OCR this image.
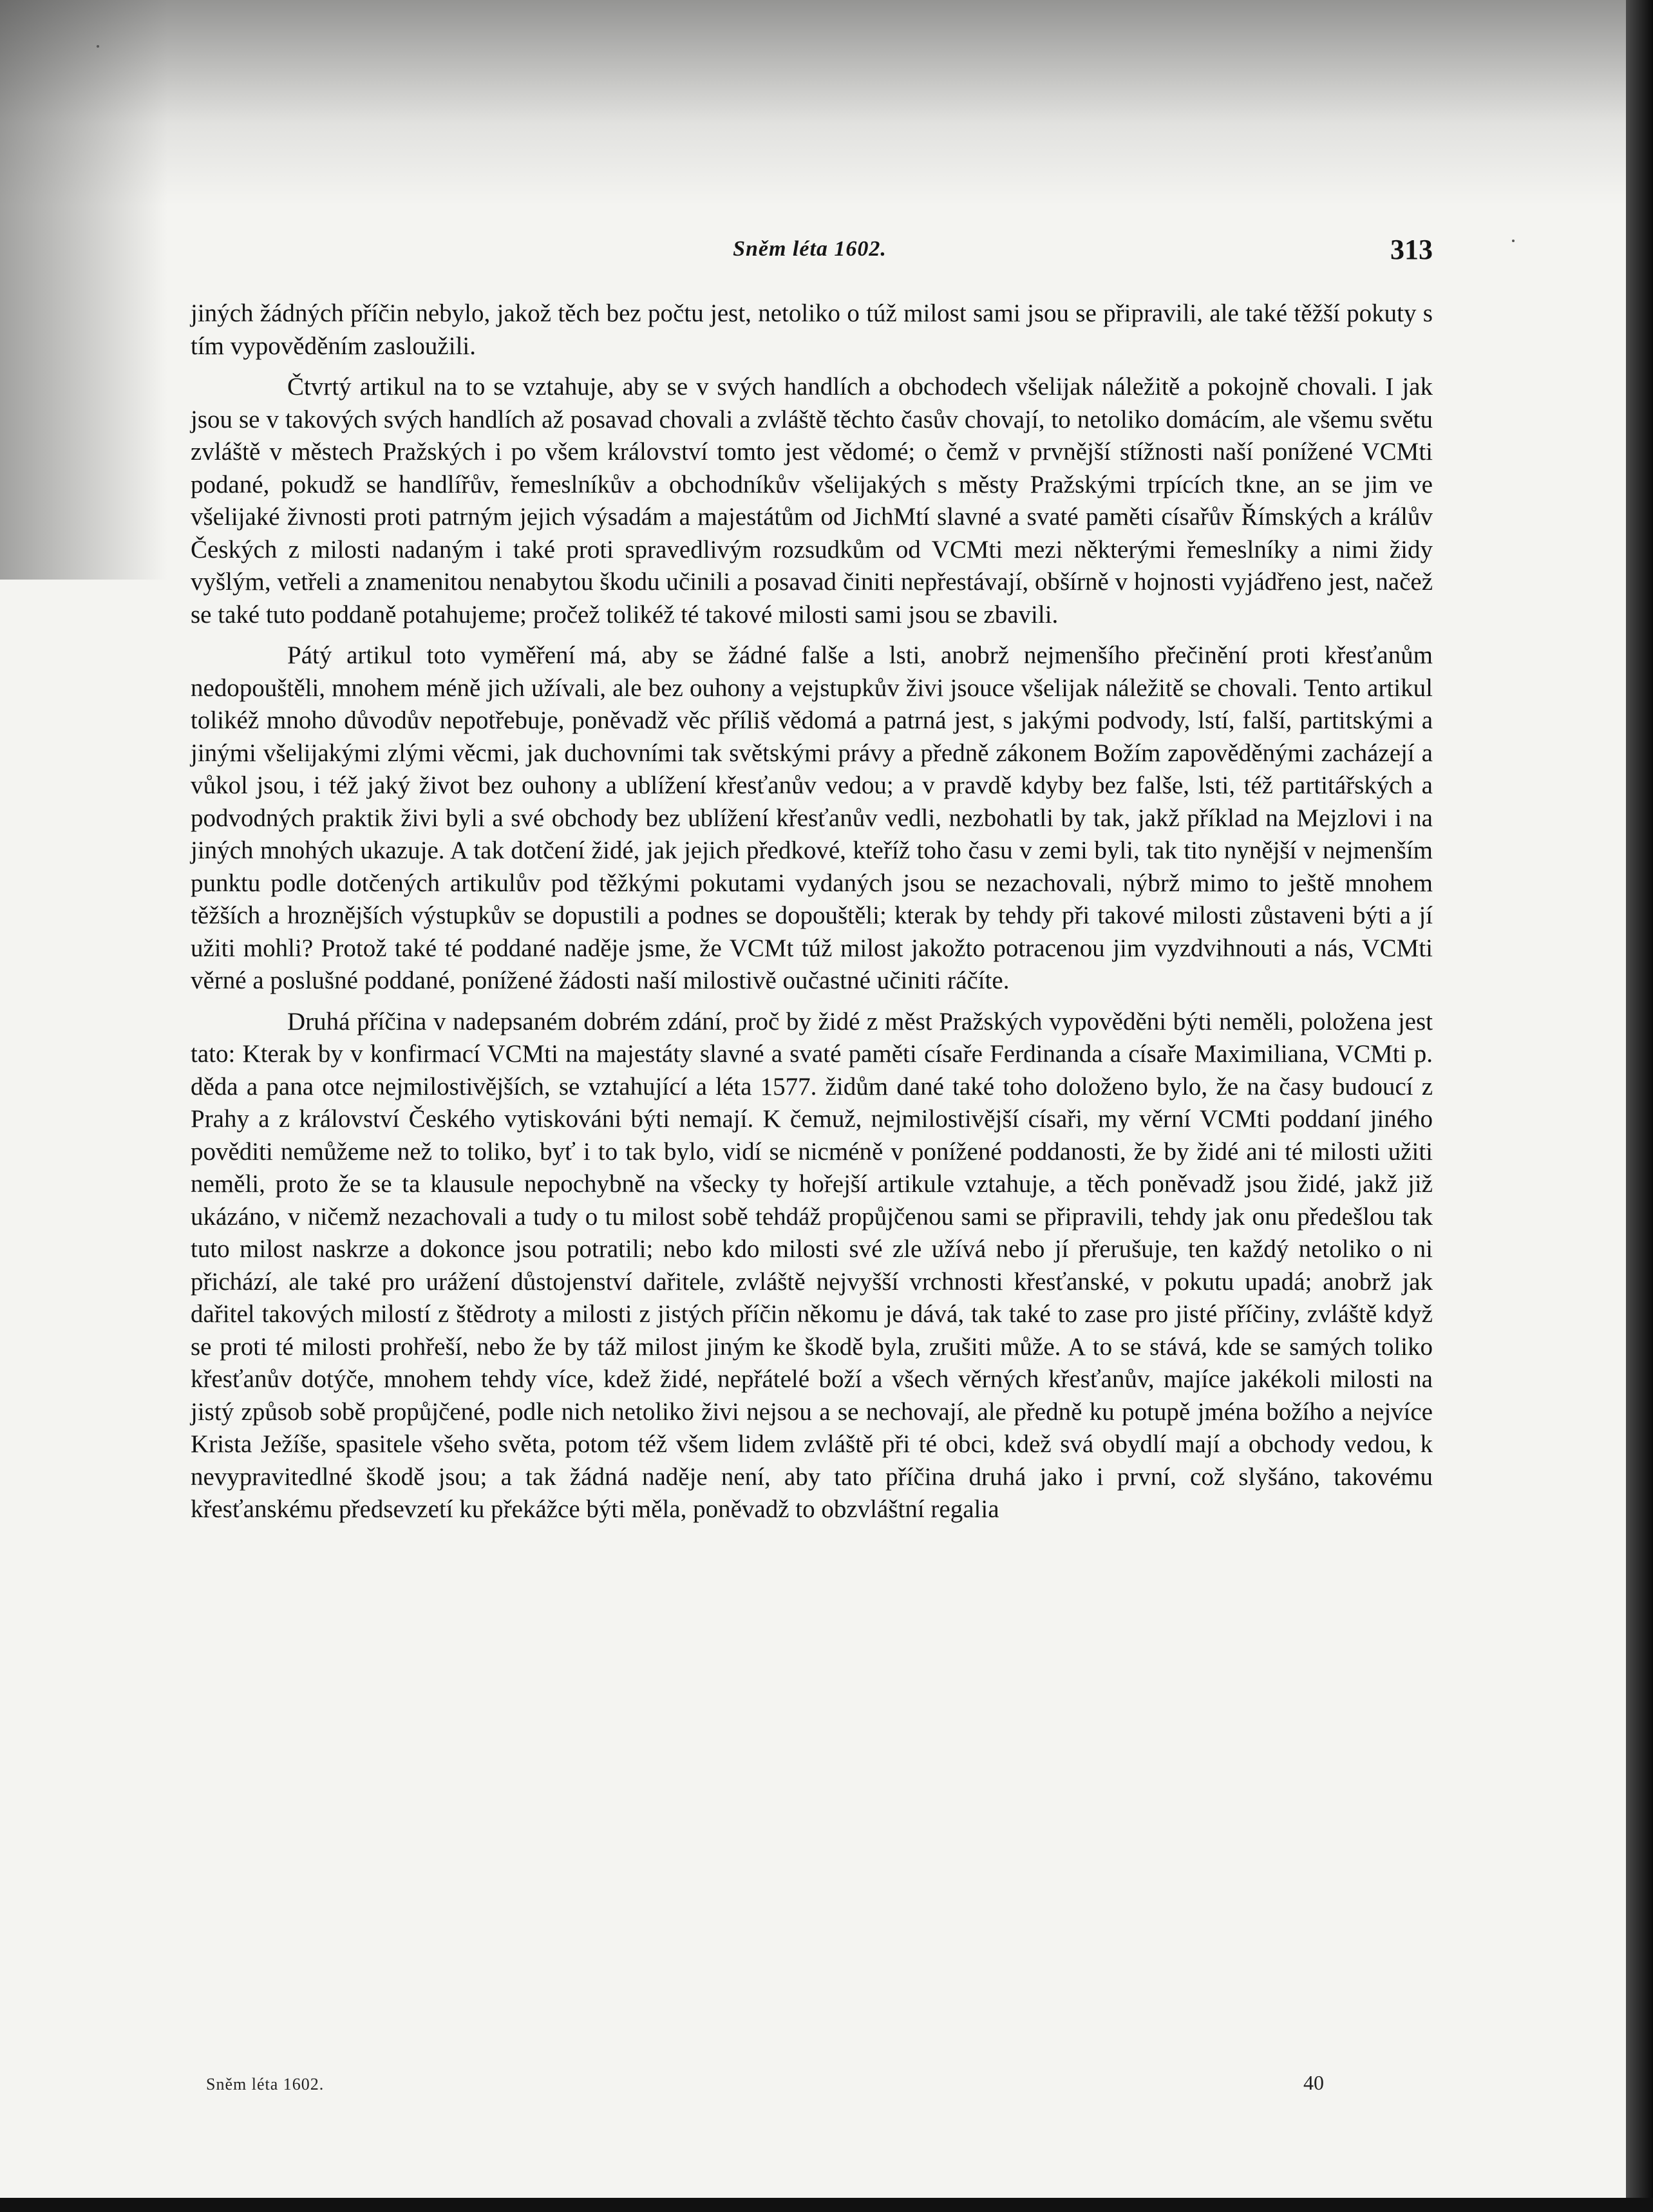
Sněm léta 1602.	313

jiných žádných příčin nebylo, jakož těch bez počtu jest, netoliko o túž milost sami jsou se připravili, ale také těžší pokuty s tím vypověděním zasloužili.

Čtvrtý artikul na to se vztahuje, aby se v svých handlích a obchodech všelijak náležitě a pokojně chovali. I jak jsou se v takových svých handlích až posavad chovali a zvláště těchto časův chovají, to netoliko domácím, ale všemu světu zvláště v městech Pražských i po všem království tomto jest vědomé; o čemž v prvnější stížnosti naší ponížené VCMti podané, pokudž se handlířův, řemeslníkův a obchodníkův všelijakých s městy Pražskými trpících tkne, an se jim ve všelijaké živnosti proti patrným jejich výsadám a majestátům od JichMtí slavné a svaté paměti císařův Římských a králův Českých z milosti nadaným i také proti spravedlivým rozsudkům od VCMti mezi některými řemeslníky a nimi židy vyšlým, vetřeli a znamenitou nenabytou škodu učinili a posavad činiti nepřestávají, obšírně v hojnosti vyjádřeno jest, načež se také tuto poddaně potahujeme; pročež tolikéž té takové milosti sami jsou se zbavili.

Pátý artikul toto vyměření má, aby se žádné falše a lsti, anobrž nejmenšího přečinění proti křesťanům nedopouštěli, mnohem méně jich užívali, ale bez ouhony a vejstupkův živi jsouce všelijak náležitě se chovali. Tento artikul tolikéž mnoho důvodův nepotřebuje, poněvadž věc příliš vědomá a patrná jest, s jakými podvody, lstí, falší, partitskými a jinými všelijakými zlými věcmi, jak duchovními tak světskými právy a předně zákonem Božím zapověděnými zacházejí a vůkol jsou, i též jaký život bez ouhony a ublížení křesťanův vedou; a v pravdě kdyby bez falše, lsti, též partitářských a podvodných praktik živi byli a své obchody bez ublížení křesťanův vedli, nezbohatli by tak, jakž příklad na Mejzlovi i na jiných mnohých ukazuje. A tak dotčení židé, jak jejich předkové, kteříž toho času v zemi byli, tak tito nynější v nejmenším punktu podle dotčených artikulův pod těžkými pokutami vydaných jsou se nezachovali, nýbrž mimo to ještě mnohem těžších a hroznějších výstupkův se dopustili a podnes se dopouštěli; kterak by tehdy při takové milosti zůstaveni býti a jí užiti mohli? Protož také té poddané naděje jsme, že VCMt túž milost jakožto potracenou jim vyzdvihnouti a nás, VCMti věrné a poslušné poddané, ponížené žádosti naší milostivě oučastné učiniti ráčíte.

Druhá příčina v nadepsaném dobrém zdání, proč by židé z měst Pražských vypověděni býti neměli, položena jest tato: Kterak by v konfirmací VCMti na majestáty slavné a svaté paměti císaře Ferdinanda a císaře Maximiliana, VCMti p. děda a pana otce nejmilostivějších, se vztahující a léta 1577. židům dané také toho doloženo bylo, že na časy budoucí z Prahy a z království Českého vytiskováni býti nemají. K čemuž, nejmilostivější císaři, my věrní VCMti poddaní jiného pověditi nemůžeme než to toliko, byť i to tak bylo, vidí se nicméně v ponížené poddanosti, že by židé ani té milosti užiti neměli, proto že se ta klausule nepochybně na všecky ty hořejší artikule vztahuje, a těch poněvadž jsou židé, jakž již ukázáno, v ničemž nezachovali a tudy o tu milost sobě tehdáž propůjčenou sami se připravili, tehdy jak onu předešlou tak tuto milost naskrze a dokonce jsou potratili; nebo kdo milosti své zle užívá nebo jí přerušuje, ten každý netoliko o ni přichází, ale také pro urážení důstojenství dařitele, zvláště nejvyšší vrchnosti křesťanské, v pokutu upadá; anobrž jak dařitel takových milostí z štědroty a milosti z jistých příčin někomu je dává, tak také to zase pro jisté příčiny, zvláště když se proti té milosti prohřeší, nebo že by táž milost jiným ke škodě byla, zrušiti může. A to se stává, kde se samých toliko křesťanův dotýče, mnohem tehdy více, kdež židé, nepřátelé boží a všech věrných křesťanův, majíce jakékoli milosti na jistý způsob sobě propůjčené, podle nich netoliko živi nejsou a se nechovají, ale předně ku potupě jména božího a nejvíce Krista Ježíše, spasitele všeho světa, potom též všem lidem zvláště při té obci, kdež svá obydlí mají a obchody vedou, k nevypravitedlné škodě jsou; a tak žádná naděje není, aby tato příčina druhá jako i první, což slyšáno, takovému křesťanskému předsevzetí ku překážce býti měla, poněvadž to obzvláštní regalia

Sněm léta 1602.	40
